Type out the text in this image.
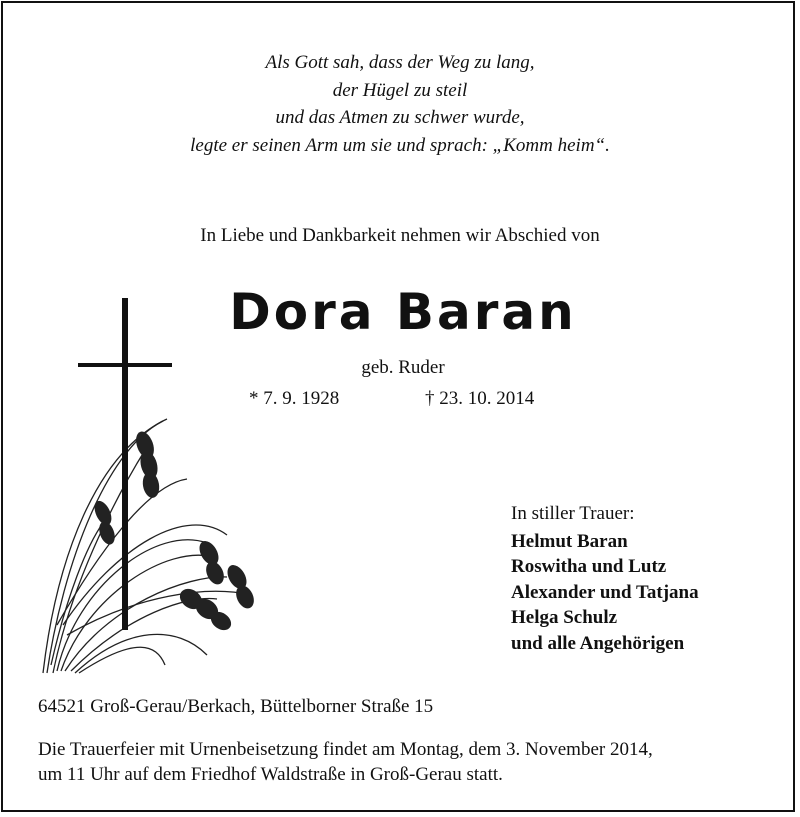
Als Gott sah, dass der Weg zu lang,
der Hügel zu steil
und das Atmen zu schwer wurde,
legte er seinen Arm um sie und sprach: „Komm heim“.
In Liebe und Dankbarkeit nehmen wir Abschied von
Dora Baran
geb. Ruder
* 7. 9. 1928	† 23. 10. 2014
In stiller Trauer:
Helmut Baran
Roswitha und Lutz
Alexander und Tatjana
Helga Schulz
und alle Angehörigen
64521 Groß-Gerau/Berkach, Büttelborner Straße 15
Die Trauerfeier mit Urnenbeisetzung findet am Montag, dem 3. November 2014,
um 11 Uhr auf dem Friedhof Waldstraße in Groß-Gerau statt.
